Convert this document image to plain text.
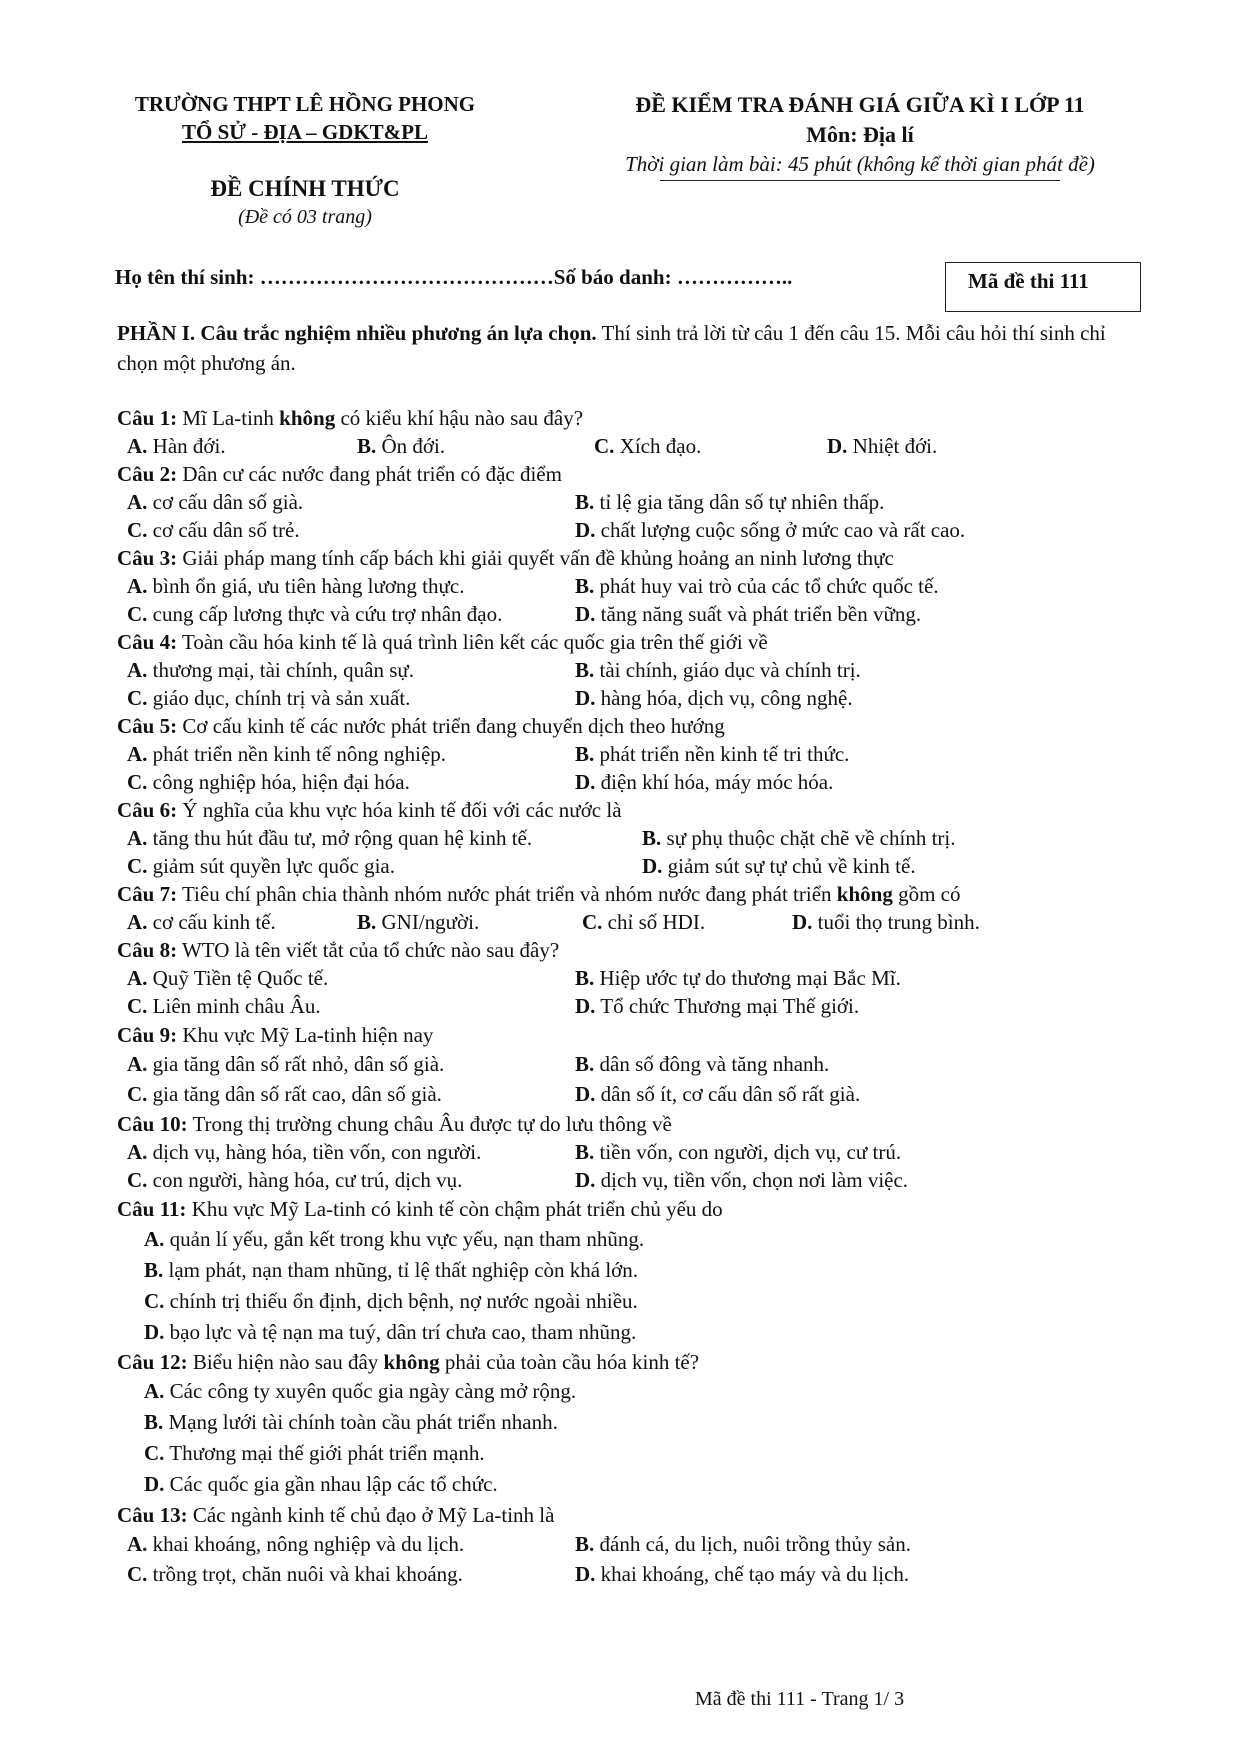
TRƯỜNG THPT LÊ HỒNG PHONG
TỔ SỬ - ĐỊA – GDKT&PL
ĐỀ CHÍNH THỨC
(Đề có 03 trang)
ĐỀ KIỂM TRA ĐÁNH GIÁ GIỮA KÌ I LỚP 11
Môn: Địa lí
Thời gian làm bài: 45 phút (không kể thời gian phát đề)
Họ tên thí sinh: ……………………………………Số báo danh: ……………..	Mã đề thi 111
PHẦN I. Câu trắc nghiệm nhiều phương án lựa chọn. Thí sinh trả lời từ câu 1 đến câu 15. Mỗi câu hỏi thí sinh chỉ chọn một phương án.
Câu 1: Mĩ La-tinh không có kiểu khí hậu nào sau đây?
A. Hàn đới.	B. Ôn đới.	C. Xích đạo.	D. Nhiệt đới.
Câu 2: Dân cư các nước đang phát triển có đặc điểm
A. cơ cấu dân số già.	B. tỉ lệ gia tăng dân số tự nhiên thấp.
C. cơ cấu dân số trẻ.	D. chất lượng cuộc sống ở mức cao và rất cao.
Câu 3: Giải pháp mang tính cấp bách khi giải quyết vấn đề khủng hoảng an ninh lương thực
A. bình ổn giá, ưu tiên hàng lương thực.	B. phát huy vai trò của các tổ chức quốc tế.
C. cung cấp lương thực và cứu trợ nhân đạo.	D. tăng năng suất và phát triển bền vững.
Câu 4: Toàn cầu hóa kinh tế là quá trình liên kết các quốc gia trên thế giới về
A. thương mại, tài chính, quân sự.	B. tài chính, giáo dục và chính trị.
C. giáo dục, chính trị và sản xuất.	D. hàng hóa, dịch vụ, công nghệ.
Câu 5: Cơ cấu kinh tế các nước phát triển đang chuyển dịch theo hướng
A. phát triển nền kinh tế nông nghiệp.	B. phát triển nền kinh tế tri thức.
C. công nghiệp hóa, hiện đại hóa.	D. điện khí hóa, máy móc hóa.
Câu 6: Ý nghĩa của khu vực hóa kinh tế đối với các nước là
A. tăng thu hút đầu tư, mở rộng quan hệ kinh tế.	B. sự phụ thuộc chặt chẽ về chính trị.
C. giảm sút quyền lực quốc gia.	D. giảm sút sự tự chủ về kinh tế.
Câu 7: Tiêu chí phân chia thành nhóm nước phát triển và nhóm nước đang phát triển không gồm có
A. cơ cấu kinh tế.	B. GNI/người.	C. chỉ số HDI.	D. tuổi thọ trung bình.
Câu 8: WTO là tên viết tắt của tổ chức nào sau đây?
A. Quỹ Tiền tệ Quốc tế.	B. Hiệp ước tự do thương mại Bắc Mĩ.
C. Liên minh châu Âu.	D. Tổ chức Thương mại Thế giới.
Câu 9: Khu vực Mỹ La-tinh hiện nay
A. gia tăng dân số rất nhỏ, dân số già.	B. dân số đông và tăng nhanh.
C. gia tăng dân số rất cao, dân số già.	D. dân số ít, cơ cấu dân số rất già.
Câu 10: Trong thị trường chung châu Âu được tự do lưu thông về
A. dịch vụ, hàng hóa, tiền vốn, con người.	B. tiền vốn, con người, dịch vụ, cư trú.
C. con người, hàng hóa, cư trú, dịch vụ.	D. dịch vụ, tiền vốn, chọn nơi làm việc.
Câu 11: Khu vực Mỹ La-tinh có kinh tế còn chậm phát triển chủ yếu do
A. quản lí yếu, gắn kết trong khu vực yếu, nạn tham nhũng.
B. lạm phát, nạn tham nhũng, tỉ lệ thất nghiệp còn khá lớn.
C. chính trị thiếu ổn định, dịch bệnh, nợ nước ngoài nhiều.
D. bạo lực và tệ nạn ma tuý, dân trí chưa cao, tham nhũng.
Câu 12: Biểu hiện nào sau đây không phải của toàn cầu hóa kinh tế?
A. Các công ty xuyên quốc gia ngày càng mở rộng.
B. Mạng lưới tài chính toàn cầu phát triển nhanh.
C. Thương mại thế giới phát triển mạnh.
D. Các quốc gia gần nhau lập các tổ chức.
Câu 13: Các ngành kinh tế chủ đạo ở Mỹ La-tinh là
A. khai khoáng, nông nghiệp và du lịch.	B. đánh cá, du lịch, nuôi trồng thủy sản.
C. trồng trọt, chăn nuôi và khai khoáng.	D. khai khoáng, chế tạo máy và du lịch.
Mã đề thi 111 - Trang 1/ 3
